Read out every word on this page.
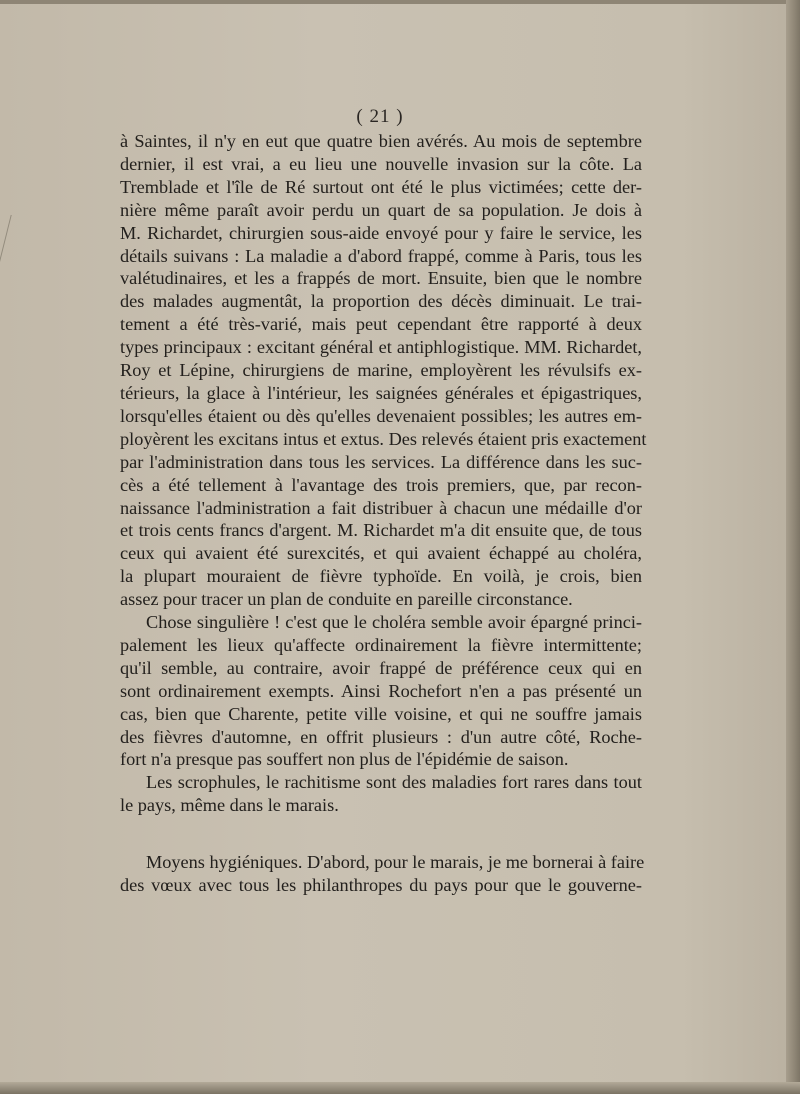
( 21 )
à Saintes, il n'y en eut que quatre bien avérés. Au mois de septembre
dernier, il est vrai, a eu lieu une nouvelle invasion sur la côte. La
Tremblade et l'île de Ré surtout ont été le plus victimées; cette der-
nière même paraît avoir perdu un quart de sa population. Je dois à
M. Richardet, chirurgien sous-aide envoyé pour y faire le service, les
détails suivans : La maladie a d'abord frappé, comme à Paris, tous les
valétudinaires, et les a frappés de mort. Ensuite, bien que le nombre
des malades augmentât, la proportion des décès diminuait. Le trai-
tement a été très-varié, mais peut cependant être rapporté à deux
types principaux : excitant général et antiphlogistique. MM. Richardet,
Roy et Lépine, chirurgiens de marine, employèrent les révulsifs ex-
térieurs, la glace à l'intérieur, les saignées générales et épigastriques,
lorsqu'elles étaient ou dès qu'elles devenaient possibles; les autres em-
ployèrent les excitans intus et extus. Des relevés étaient pris exactement
par l'administration dans tous les services. La différence dans les suc-
cès a été tellement à l'avantage des trois premiers, que, par recon-
naissance l'administration a fait distribuer à chacun une médaille d'or
et trois cents francs d'argent. M. Richardet m'a dit ensuite que, de tous
ceux qui avaient été surexcités, et qui avaient échappé au choléra,
la plupart mouraient de fièvre typhoïde. En voilà, je crois, bien
assez pour tracer un plan de conduite en pareille circonstance.
Chose singulière ! c'est que le choléra semble avoir épargné princi-
palement les lieux qu'affecte ordinairement la fièvre intermittente;
qu'il semble, au contraire, avoir frappé de préférence ceux qui en
sont ordinairement exempts. Ainsi Rochefort n'en a pas présenté un
cas, bien que Charente, petite ville voisine, et qui ne souffre jamais
des fièvres d'automne, en offrit plusieurs : d'un autre côté, Roche-
fort n'a presque pas souffert non plus de l'épidémie de saison.
Les scrophules, le rachitisme sont des maladies fort rares dans tout
le pays, même dans le marais.
Moyens hygiéniques. D'abord, pour le marais, je me bornerai à faire
des vœux avec tous les philanthropes du pays pour que le gouverne-
